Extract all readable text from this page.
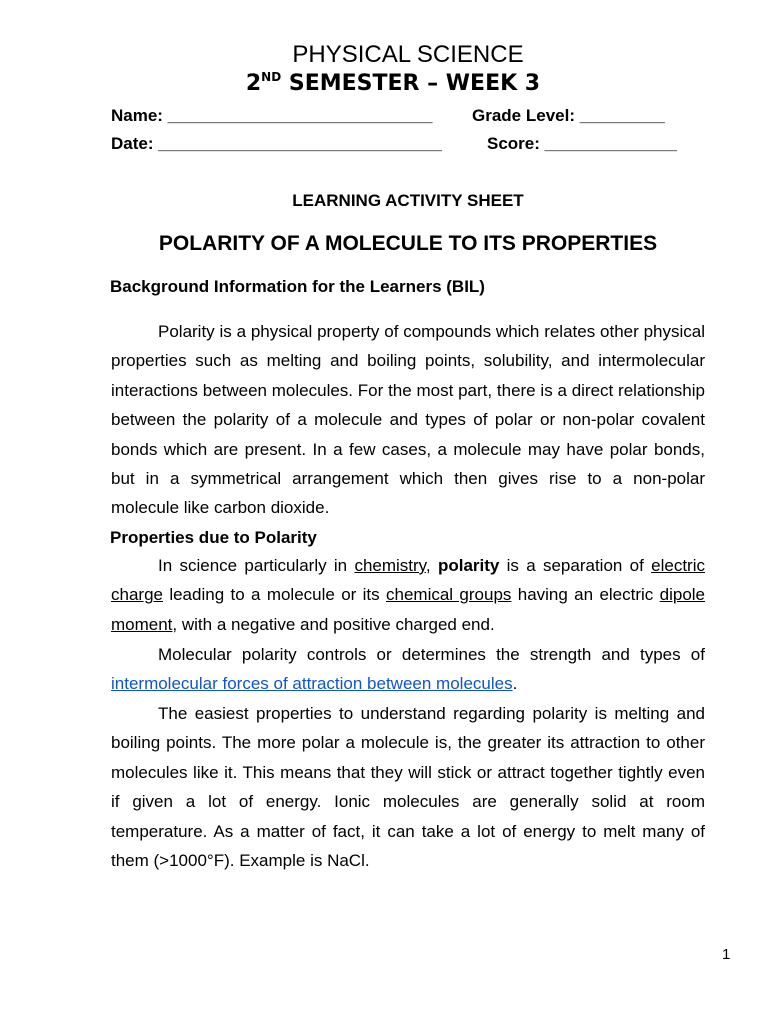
PHYSICAL SCIENCE
2ND SEMESTER – WEEK 3
Name: ____________________________ Grade Level: _________
Date: ______________________________	Score: ______________
LEARNING ACTIVITY SHEET
POLARITY OF A MOLECULE TO ITS PROPERTIES
Background Information for the Learners (BIL)
Polarity is a physical property of compounds which relates other physical properties such as melting and boiling points, solubility, and intermolecular interactions between molecules. For the most part, there is a direct relationship between the polarity of a molecule and types of polar or non-polar covalent bonds which are present. In a few cases, a molecule may have polar bonds, but in a symmetrical arrangement which then gives rise to a non-polar molecule like carbon dioxide.
Properties due to Polarity
In science particularly in chemistry, polarity is a separation of electric charge leading to a molecule or its chemical groups having an electric dipole moment, with a negative and positive charged end.
Molecular polarity controls or determines the strength and types of intermolecular forces of attraction between molecules.
The easiest properties to understand regarding polarity is melting and boiling points. The more polar a molecule is, the greater its attraction to other molecules like it. This means that they will stick or attract together tightly even if given a lot of energy. Ionic molecules are generally solid at room temperature. As a matter of fact, it can take a lot of energy to melt many of them (>1000°F). Example is NaCl.
1
